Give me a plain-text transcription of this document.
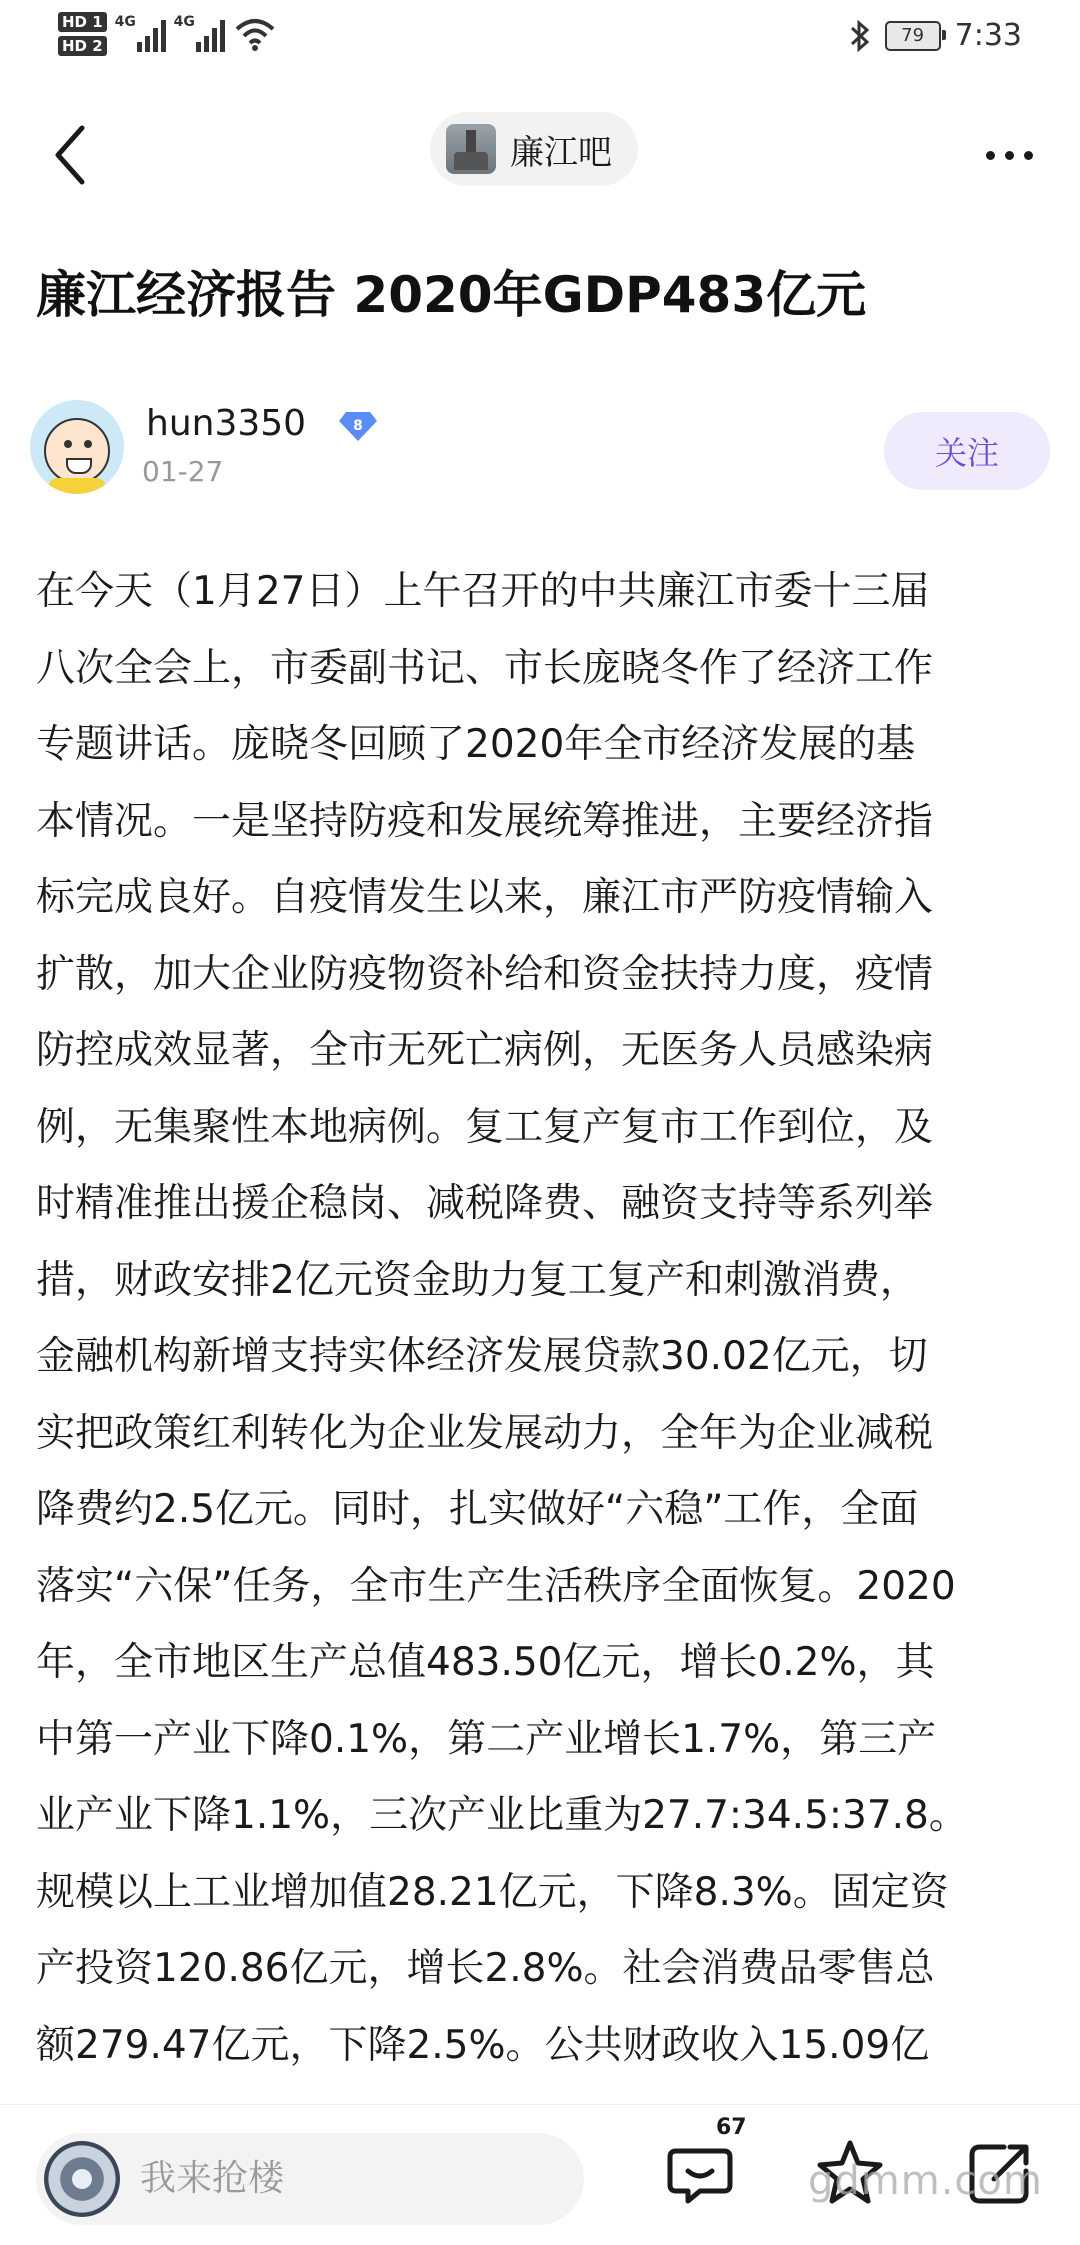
HD 1
HD 2
4G	4G
79 7:33
廉江吧
廉江经济报告 2020年GDP483亿元
hun3350	8
01-27	关注

在今天（1月27日）上午召开的中共廉江市委十三届
八次全会上，市委副书记、市长庞晓冬作了经济工作
专题讲话。庞晓冬回顾了2020年全市经济发展的基
本情况。一是坚持防疫和发展统筹推进，主要经济指
标完成良好。自疫情发生以来，廉江市严防疫情输入
扩散，加大企业防疫物资补给和资金扶持力度，疫情
防控成效显著，全市无死亡病例，无医务人员感染病
例，无集聚性本地病例。复工复产复市工作到位，及
时精准推出援企稳岗、减税降费、融资支持等系列举
措，财政安排2亿元资金助力复工复产和刺激消费，
金融机构新增支持实体经济发展贷款30.02亿元，切
实把政策红利转化为企业发展动力，全年为企业减税
降费约2.5亿元。同时，扎实做好“六稳”工作，全面
落实“六保”任务，全市生产生活秩序全面恢复。2020
年，全市地区生产总值483.50亿元，增长0.2%，其
中第一产业下降0.1%，第二产业增长1.7%，第三产
业产业下降1.1%，三次产业比重为27.7:34.5:37.8。
规模以上工业增加值28.21亿元，下降8.3%。固定资
产投资120.86亿元，增长2.8%。社会消费品零售总
额279.47亿元，下降2.5%。公共财政收入15.09亿

我来抢楼
67
gdmm.com
